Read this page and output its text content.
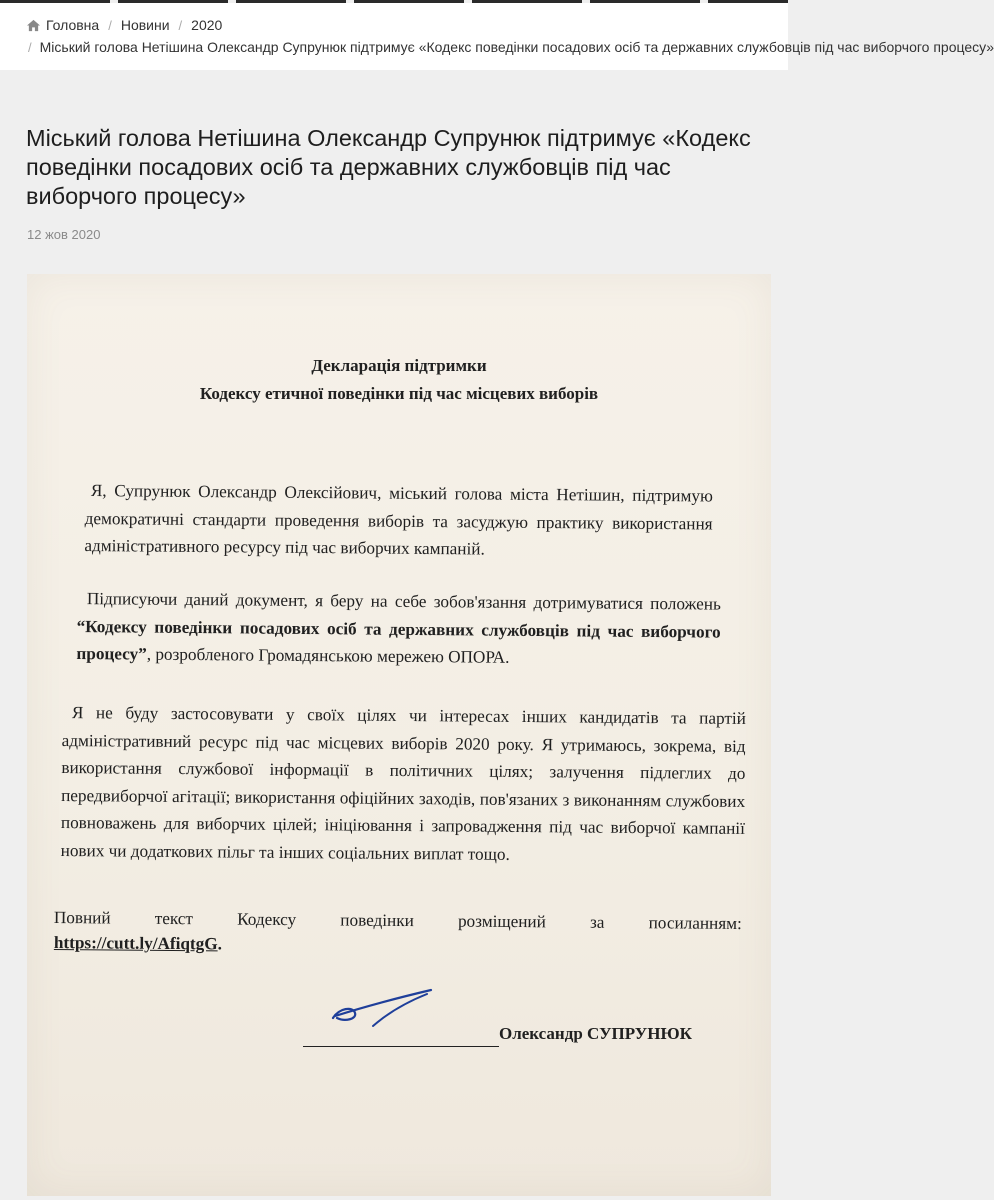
Головна / Новини / 2020
/ Міський голова Нетішина Олександр Супрунюк підтримує «Кодекс поведінки посадових осіб та державних службовців під час виборчого процесу»
Міський голова Нетішина Олександр Супрунюк підтримує «Кодекс поведінки посадових осіб та державних службовців під час виборчого процесу»
12 жов 2020
Декларація підтримки
Кодексу етичної поведінки під час місцевих виборів
Я, Супрунюк Олександр Олексійович, міський голова міста Нетішин, підтримую демократичні стандарти проведення виборів та засуджую практику використання адміністративного ресурсу під час виборчих кампаній.
Підписуючи даний документ, я беру на себе зобов'язання дотримуватися положень “Кодексу поведінки посадових осіб та державних службовців під час виборчого процесу”, розробленого Громадянською мережею ОПОРА.
Я не буду застосовувати у своїх цілях чи інтересах інших кандидатів та партій адміністративний ресурс під час місцевих виборів 2020 року. Я утримаюсь, зокрема, від використання службової інформації в політичних цілях; залучення підлеглих до передвиборчої агітації; використання офіційних заходів, пов'язаних з виконанням службових повноважень для виборчих цілей; ініціювання і запровадження під час виборчої кампанії нових чи додаткових пільг та інших соціальних виплат тощо.
Повний текст Кодексу поведінки розміщений за посиланням:
https://cutt.ly/AfiqtgG.
Олександр СУПРУНЮК
